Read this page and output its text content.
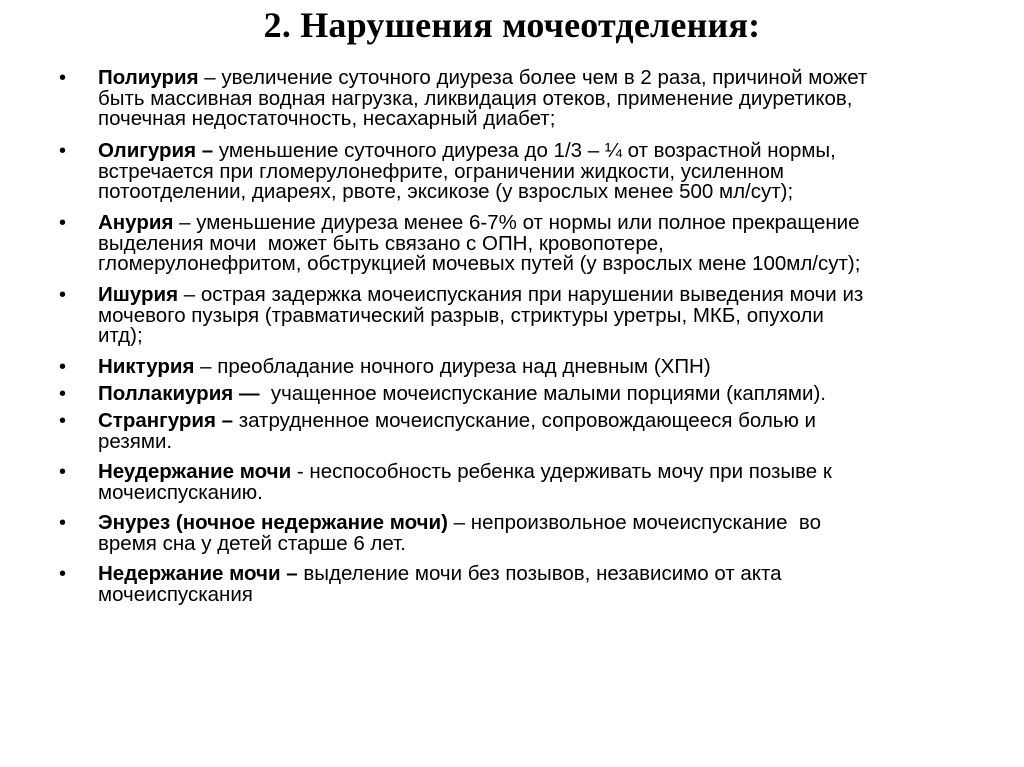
2. Нарушения мочеотделения:
• Полиурия – увеличение суточного диуреза более чем в 2 раза, причиной может
быть массивная водная нагрузка, ликвидация отеков, применение диуретиков,
почечная недостаточность, несахарный диабет;
• Олигурия – уменьшение суточного диуреза до 1/3 – ¼ от возрастной нормы,
встречается при гломерулонефрите, ограничении жидкости, усиленном
потоотделении, диареях, рвоте, эксикозе (у взрослых менее 500 мл/сут);
• Анурия – уменьшение диуреза менее 6-7% от нормы или полное прекращение
выделения мочи  может быть связано с ОПН, кровопотере,
гломерулонефритом, обструкцией мочевых путей (у взрослых мене 100мл/сут);
• Ишурия – острая задержка мочеиспускания при нарушении выведения мочи из
мочевого пузыря (травматический разрыв, стриктуры уретры, МКБ, опухоли
итд);
• Никтурия – преобладание ночного диуреза над дневным (ХПН)
• Поллакиурия —  учащенное мочеиспускание малыми порциями (каплями).
• Странгурия – затрудненное мочеиспускание, сопровождающееся болью и
резями.
• Неудержание мочи - неспособность ребенка удерживать мочу при позыве к
мочеиспусканию.
• Энурез (ночное недержание мочи) – непроизвольное мочеиспускание  во
время сна у детей старше 6 лет.
• Недержание мочи – выделение мочи без позывов, независимо от акта
мочеиспускания
